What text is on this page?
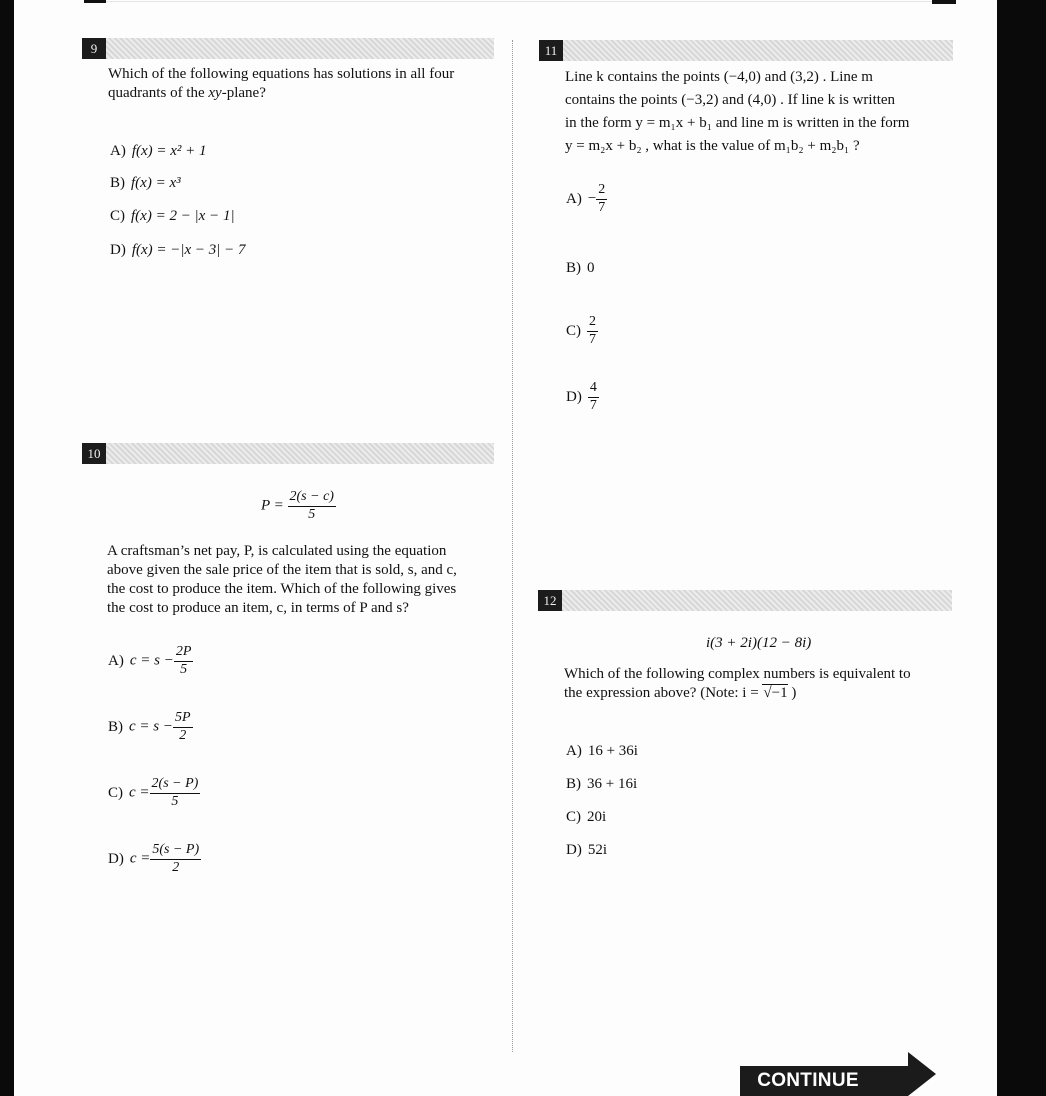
9
Which of the following equations has solutions in all four
quadrants of the xy-plane?
A) f(x) = x² + 1
B) f(x) = x³
C) f(x) = 2 − |x − 1|
D) f(x) = −|x − 3| − 7
10
$P = \frac{2(s - c)}{5}$
A craftsman’s net pay, P, is calculated using the equation
above given the sale price of the item that is sold, s, and c,
the cost to produce the item. Which of the following gives
the cost to produce an item, c, in terms of P and s?
A) $c = s - \frac{2P}{5}$
B) $c = s - \frac{5P}{2}$
C) $c = \frac{2(s - P)}{5}$
D) $c = \frac{5(s - P)}{2}$
11
Line k contains the points (−4,0) and (3,2) . Line m
contains the points (−3,2) and (4,0) . If line k is written
in the form y = m₁x + b₁ and line m is written in the form
y = m₂x + b₂ , what is the value of m₁b₂ + m₂b₁ ?
$A) - \frac{2}{7}$
B) 0
$C) \frac{2}{7}$
$D) \frac{4}{7}$
12
i(3 + 2i)(12 − 8i)
Which of the following complex numbers is equivalent to
the expression above? (Note: i = √−1 )
A) 16 + 36i
B) 36 + 16i
C) 20i
D) 52i
CONTINUE
